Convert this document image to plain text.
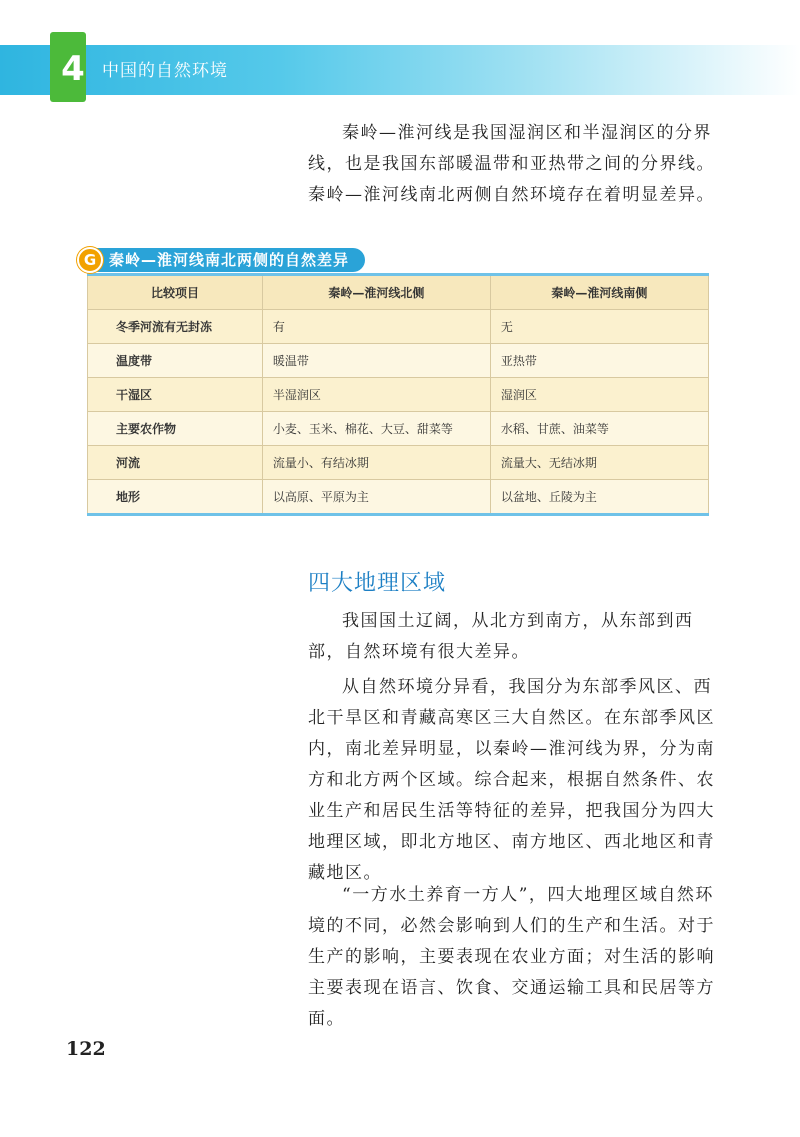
4 中国的自然环境

秦岭—淮河线是我国湿润区和半湿润区的分界

线，也是我国东部暖温带和亚热带之间的分界线。

秦岭—淮河线南北两侧自然环境存在着明显差异。

G 秦岭—淮河线南北两侧的自然差异
比较项目	秦岭—淮河线北侧	秦岭—淮河线南侧
冬季河流有无封冻	有	无
温度带	暖温带	亚热带
干湿区	半湿润区	湿润区
主要农作物	小麦、玉米、棉花、大豆、甜菜等	水稻、甘蔗、油菜等
河流	流量小、有结冰期	流量大、无结冰期
地形	以高原、平原为主	以盆地、丘陵为主
四大地理区域

我国国土辽阔，从北方到南方，从东部到西部，自然环境有很大差异。

从自然环境分异看，我国分为东部季风区、西北干旱区和青藏高寒区三大自然区。在东部季风区内，南北差异明显，以秦岭—淮河线为界，分为南方和北方两个区域。综合起来，根据自然条件、农业生产和居民生活等特征的差异，把我国分为四大地理区域，即北方地区、南方地区、西北地区和青藏地区。

“一方水土养育一方人”，四大地理区域自然环境的不同，必然会影响到人们的生产和生活。对于生产的影响，主要表现在农业方面；对生活的影响主要表现在语言、饮食、交通运输工具和民居等方面。

122
